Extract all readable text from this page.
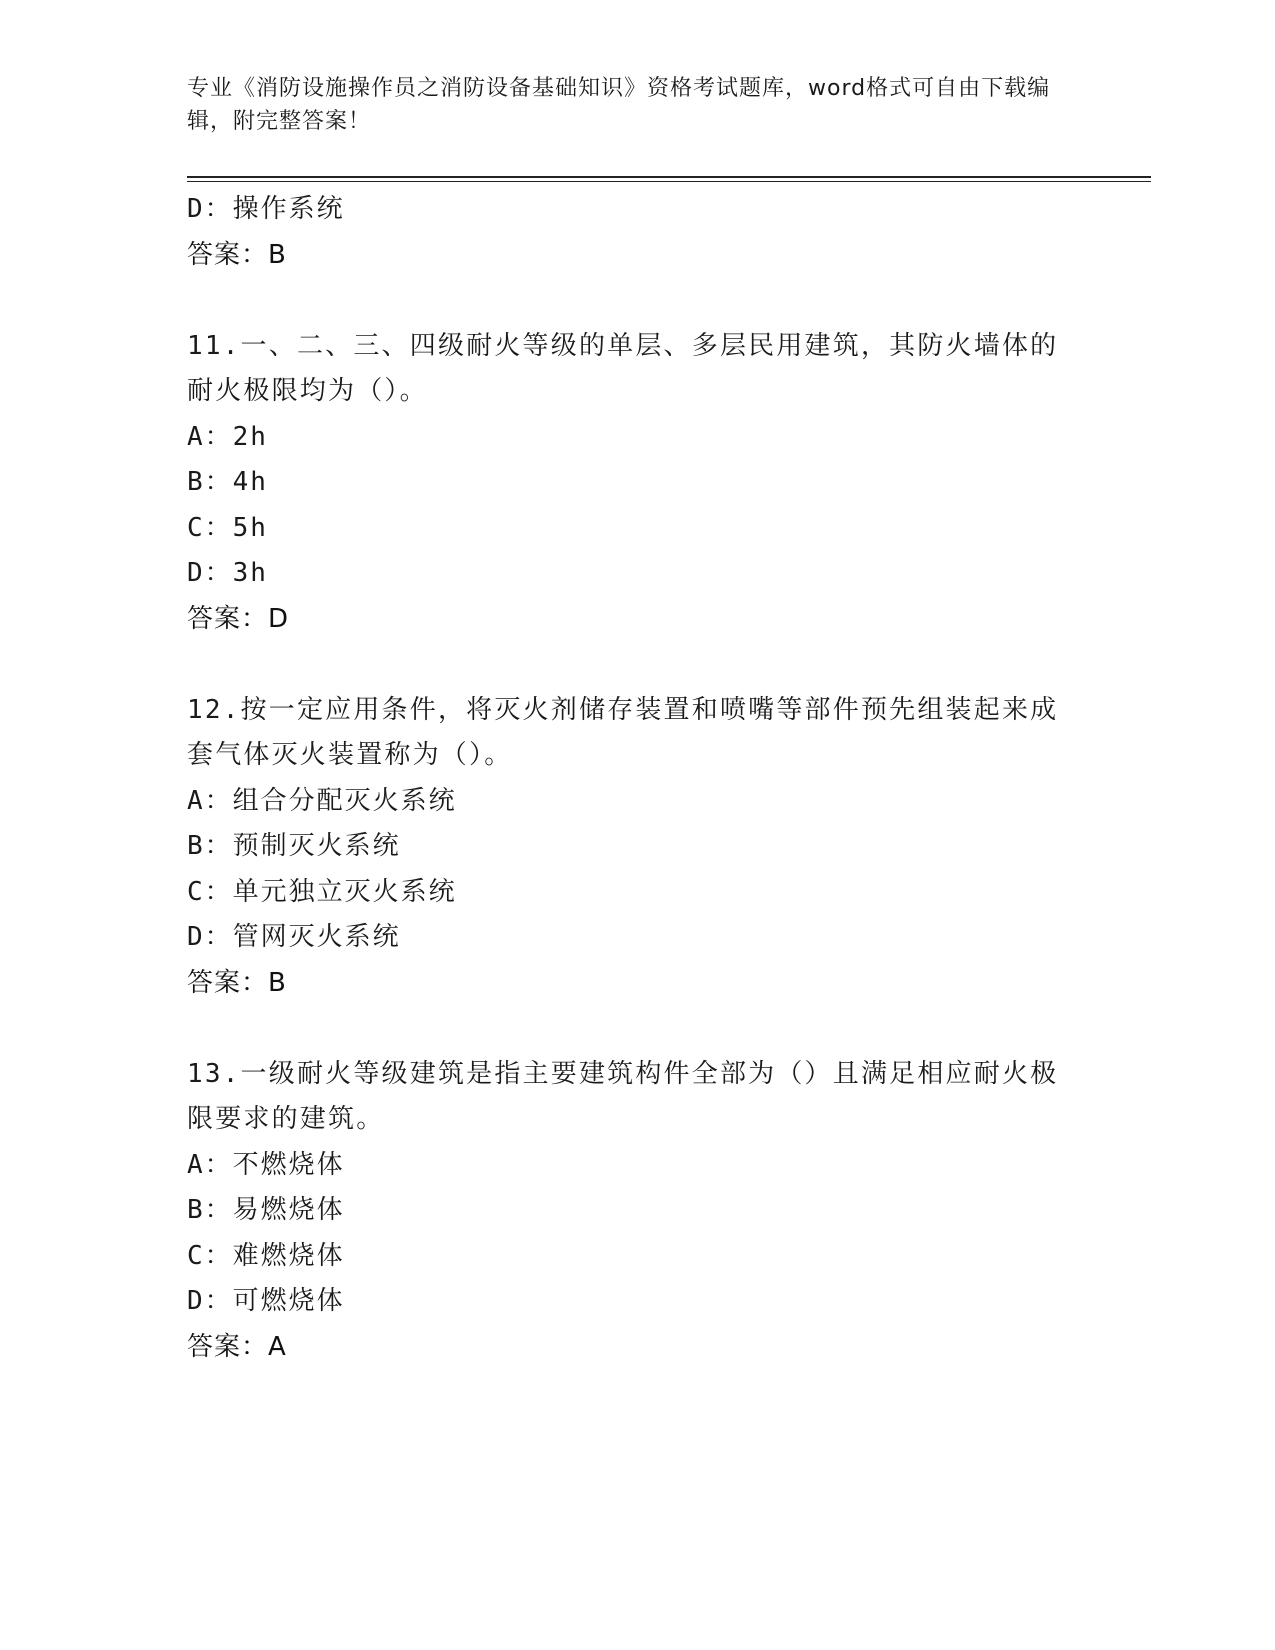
专业《消防设施操作员之消防设备基础知识》资格考试题库，word格式可自由下载编辑，附完整答案！
D：操作系统
答案：B
11.一、二、三、四级耐火等级的单层、多层民用建筑，其防火墙体的耐火极限均为（）。
A：2h
B：4h
C：5h
D：3h
答案：D
12.按一定应用条件，将灭火剂储存装置和喷嘴等部件预先组装起来成套气体灭火装置称为（）。
A：组合分配灭火系统
B：预制灭火系统
C：单元独立灭火系统
D：管网灭火系统
答案：B
13.一级耐火等级建筑是指主要建筑构件全部为（）且满足相应耐火极限要求的建筑。
A：不燃烧体
B：易燃烧体
C：难燃烧体
D：可燃烧体
答案：A
